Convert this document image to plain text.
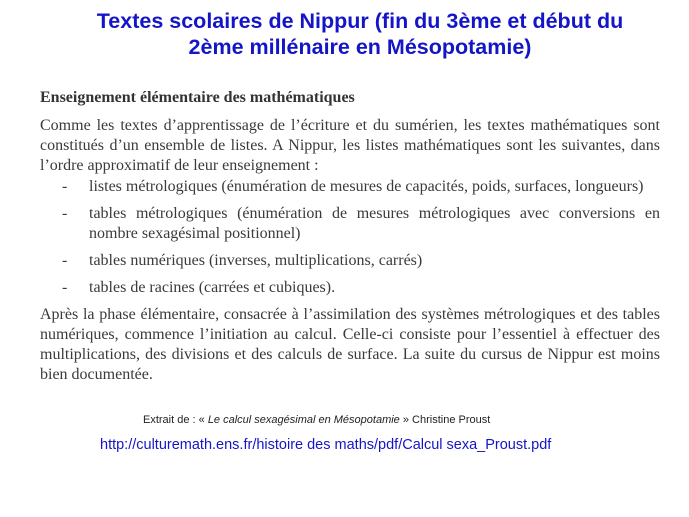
Textes scolaires de Nippur (fin du 3ème et début du
2ème millénaire en Mésopotamie)

Enseignement élémentaire des mathématiques

Comme les textes d’apprentissage de l’écriture et du sumérien, les textes mathématiques sont constitués d’un ensemble de listes. A Nippur, les listes mathématiques sont les suivantes, dans l’ordre approximatif de leur enseignement :

- listes métrologiques (énumération de mesures de capacités, poids, surfaces, longueurs)
- tables métrologiques (énumération de mesures métrologiques avec conversions en nombre sexagésimal positionnel)
- tables numériques (inverses, multiplications, carrés)
- tables de racines (carrées et cubiques).

Après la phase élémentaire, consacrée à l’assimilation des systèmes métrologiques et des tables numériques, commence l’initiation au calcul. Celle-ci consiste pour l’essentiel à effectuer des multiplications, des divisions et des calculs de surface. La suite du cursus de Nippur est moins bien documentée.

Extrait de : « Le calcul sexagésimal en Mésopotamie » Christine Proust
http://culturemath.ens.fr/histoire des maths/pdf/Calcul sexa_Proust.pdf
